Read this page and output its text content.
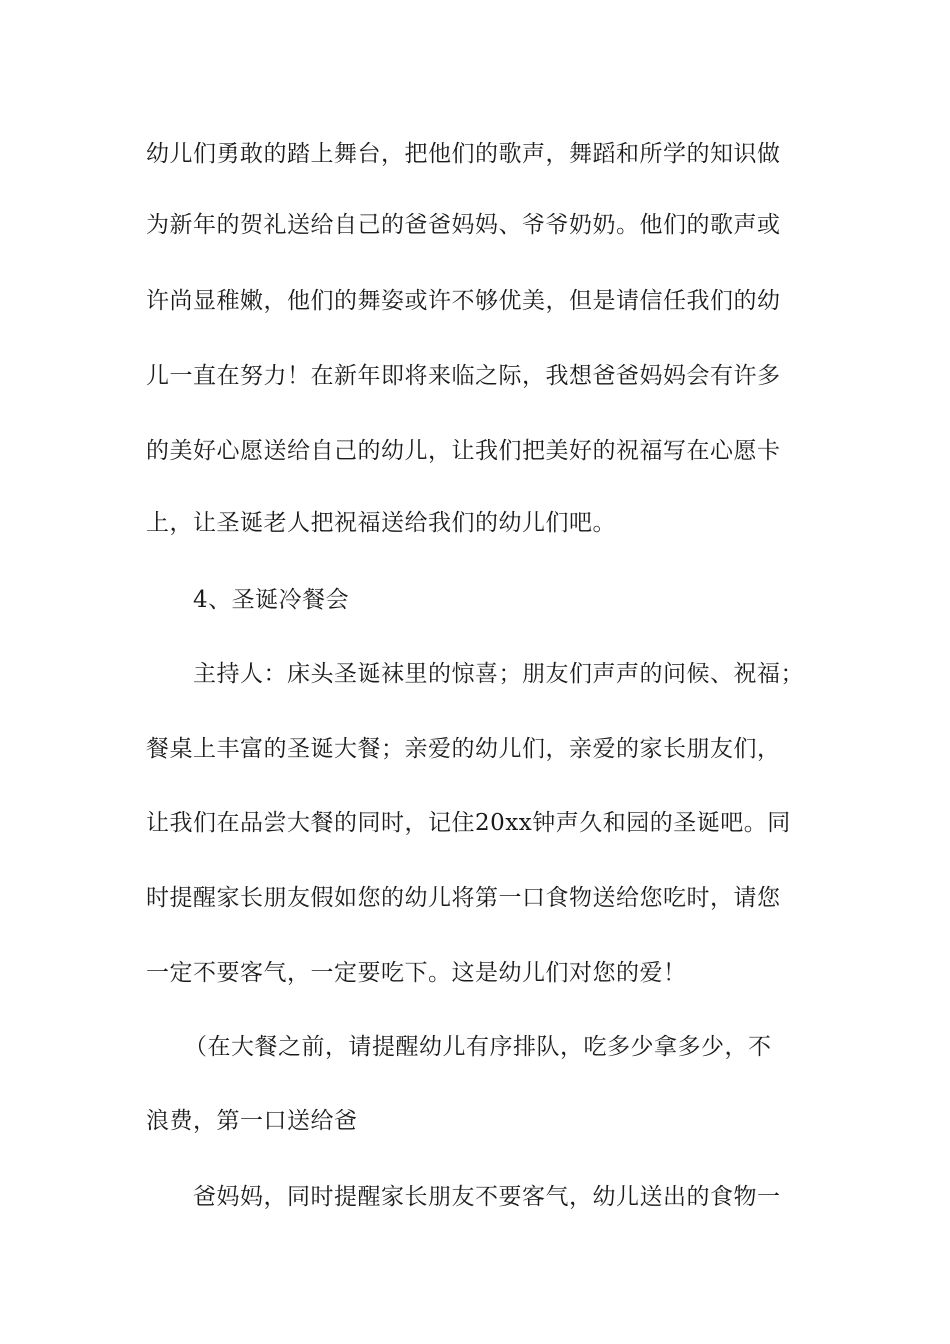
幼儿们勇敢的踏上舞台，把他们的歌声，舞蹈和所学的知识做
为新年的贺礼送给自己的爸爸妈妈、爷爷奶奶。他们的歌声或
许尚显稚嫩，他们的舞姿或许不够优美，但是请信任我们的幼
儿一直在努力！在新年即将来临之际，我想爸爸妈妈会有许多
的美好心愿送给自己的幼儿，让我们把美好的祝福写在心愿卡
上，让圣诞老人把祝福送给我们的幼儿们吧。
4、圣诞冷餐会
主持人：床头圣诞袜里的惊喜；朋友们声声的问候、祝福；
餐桌上丰富的圣诞大餐；亲爱的幼儿们，亲爱的家长朋友们，
让我们在品尝大餐的同时，记住20xx钟声久和园的圣诞吧。同
时提醒家长朋友假如您的幼儿将第一口食物送给您吃时，请您
一定不要客气，一定要吃下。这是幼儿们对您的爱！
（在大餐之前，请提醒幼儿有序排队，吃多少拿多少，不
浪费，第一口送给爸
爸妈妈，同时提醒家长朋友不要客气，幼儿送出的食物一
